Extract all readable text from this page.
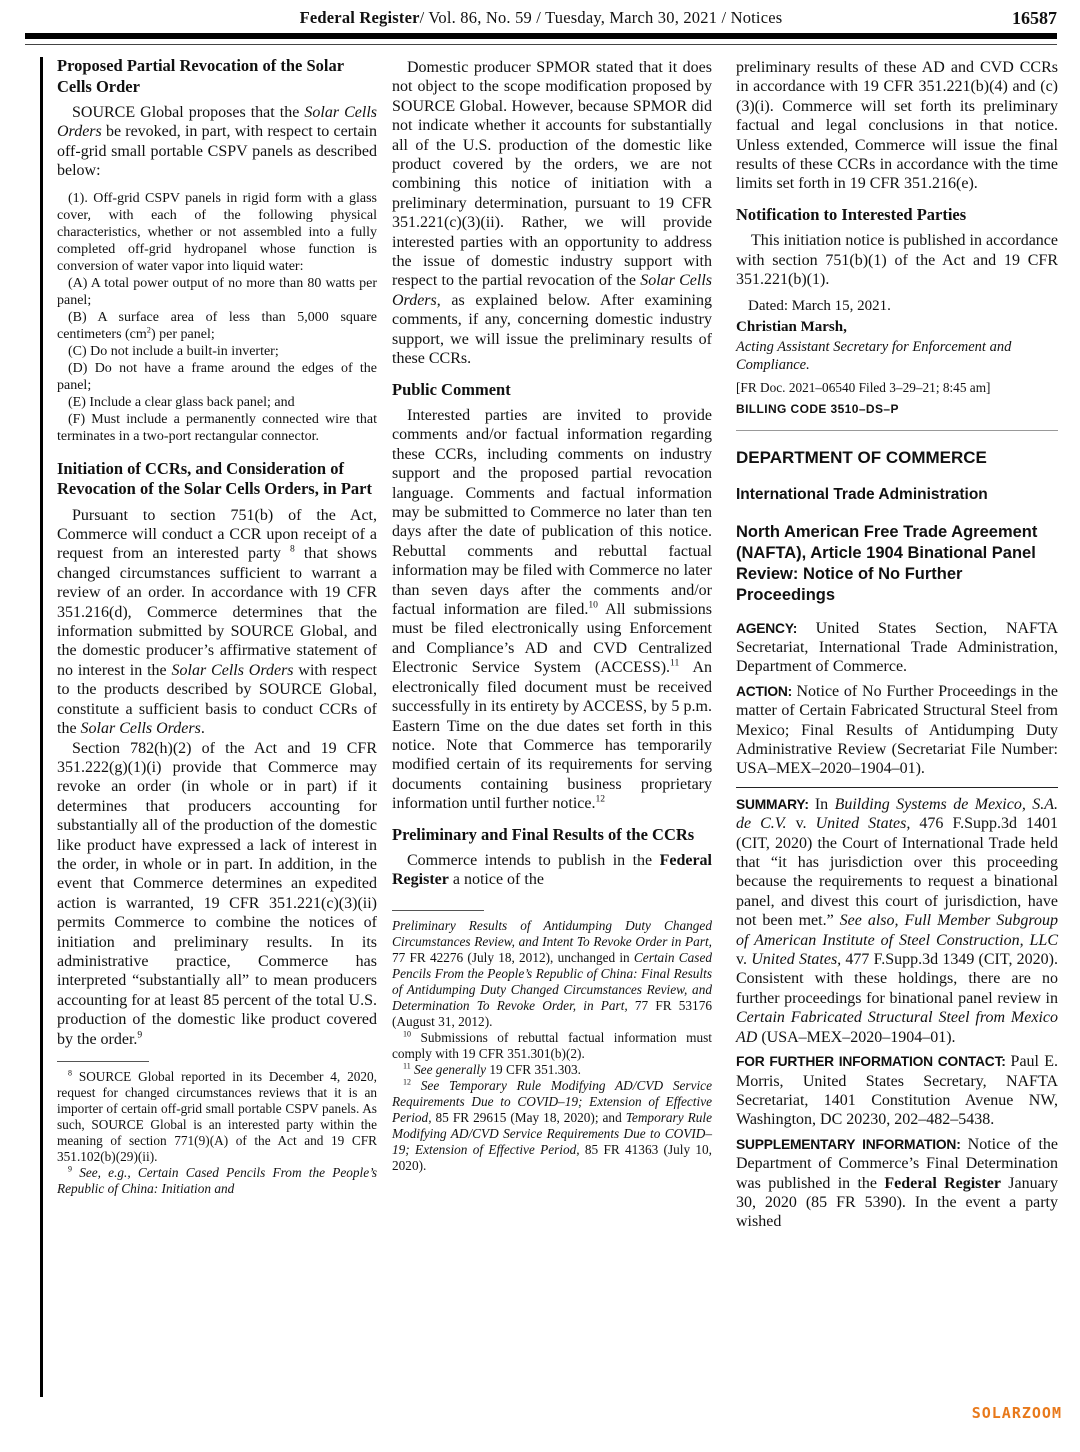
Federal Register/ Vol. 86, No. 59 / Tuesday, March 30, 2021 / Notices	16587
Proposed Partial Revocation of the Solar Cells Order

SOURCE Global proposes that the Solar Cells Orders be revoked, in part, with respect to certain off-grid small portable CSPV panels as described below:

(1). Off-grid CSPV panels in rigid form with a glass cover, with each of the following physical characteristics, whether or not assembled into a fully completed off-grid hydropanel whose function is conversion of water vapor into liquid water:

(A) A total power output of no more than 80 watts per panel;

(B) A surface area of less than 5,000 square centimeters $(cm^2)$ per panel;

(C) Do not include a built-in inverter;

(D) Do not have a frame around the edges of the panel;

(E) Include a clear glass back panel; and

(F) Must include a permanently connected wire that terminates in a two-port rectangular connector.

Initiation of CCRs, and Consideration of Revocation of the Solar Cells Orders, in Part

Pursuant to section 751(b) of the Act, Commerce will conduct a CCR upon receipt of a request from an interested party $^8$ that shows changed circumstances sufficient to warrant a review of an order. In accordance with 19 CFR 351.216(d), Commerce determines that the information submitted by SOURCE Global, and the domestic producer’s affirmative statement of no interest in the Solar Cells Orders with respect to the products described by SOURCE Global, constitute a sufficient basis to conduct CCRs of the Solar Cells Orders.

Section 782(h)(2) of the Act and 19 CFR 351.222(g)(1)(i) provide that Commerce may revoke an order (in whole or in part) if it determines that producers accounting for substantially all of the production of the domestic like product have expressed a lack of interest in the order, in whole or in part. In addition, in the event that Commerce determines an expedited action is warranted, 19 CFR 351.221(c)(3)(ii) permits Commerce to combine the notices of initiation and preliminary results. In its administrative practice, Commerce has interpreted “substantially all” to mean producers accounting for at least 85 percent of the total U.S. production of the domestic like product covered by the order.$^9$

$^8$ SOURCE Global reported in its December 4, 2020, request for changed circumstances reviews that it is an importer of certain off-grid small portable CSPV panels. As such, SOURCE Global is an interested party within the meaning of section 771(9)(A) of the Act and 19 CFR 351.102(b)(29)(ii).

$^9$ See, e.g., Certain Cased Pencils From the People’s Republic of China: Initiation and

Domestic producer SPMOR stated that it does not object to the scope modification proposed by SOURCE Global. However, because SPMOR did not indicate whether it accounts for substantially all of the U.S. production of the domestic like product covered by the orders, we are not combining this notice of initiation with a preliminary determination, pursuant to 19 CFR 351.221(c)(3)(ii). Rather, we will provide interested parties with an opportunity to address the issue of domestic industry support with respect to the partial revocation of the Solar Cells Orders, as explained below. After examining comments, if any, concerning domestic industry support, we will issue the preliminary results of these CCRs.

Public Comment

Interested parties are invited to provide comments and/or factual information regarding these CCRs, including comments on industry support and the proposed partial revocation language. Comments and factual information may be submitted to Commerce no later than ten days after the date of publication of this notice. Rebuttal comments and rebuttal factual information may be filed with Commerce no later than seven days after the comments and/or factual information are filed.$^{10}$ All submissions must be filed electronically using Enforcement and Compliance’s AD and CVD Centralized Electronic Service System (ACCESS).$^{11}$ An electronically filed document must be received successfully in its entirety by ACCESS, by 5 p.m. Eastern Time on the due dates set forth in this notice. Note that Commerce has temporarily modified certain of its requirements for serving documents containing business proprietary information until further notice.$^{12}$

Preliminary and Final Results of the CCRs

Commerce intends to publish in the Federal Register a notice of the

Preliminary Results of Antidumping Duty Changed Circumstances Review, and Intent To Revoke Order in Part, 77 FR 42276 (July 18, 2012), unchanged in Certain Cased Pencils From the People’s Republic of China: Final Results of Antidumping Duty Changed Circumstances Review, and Determination To Revoke Order, in Part, 77 FR 53176 (August 31, 2012).

$^{10}$ Submissions of rebuttal factual information must comply with 19 CFR 351.301(b)(2).

$^{11}$ See generally 19 CFR 351.303.

$^{12}$ See Temporary Rule Modifying AD/CVD Service Requirements Due to COVID–19; Extension of Effective Period, 85 FR 29615 (May 18, 2020); and Temporary Rule Modifying AD/CVD Service Requirements Due to COVID–19; Extension of Effective Period, 85 FR 41363 (July 10, 2020).

preliminary results of these AD and CVD CCRs in accordance with 19 CFR 351.221(b)(4) and (c)(3)(i). Commerce will set forth its preliminary factual and legal conclusions in that notice. Unless extended, Commerce will issue the final results of these CCRs in accordance with the time limits set forth in 19 CFR 351.216(e).

Notification to Interested Parties

This initiation notice is published in accordance with section 751(b)(1) of the Act and 19 CFR 351.221(b)(1).

Dated: March 15, 2021.

Christian Marsh,

Acting Assistant Secretary for Enforcement and Compliance.

[FR Doc. 2021–06540 Filed 3–29–21; 8:45 am]

BILLING CODE 3510–DS–P

DEPARTMENT OF COMMERCE
International Trade Administration
North American Free Trade Agreement (NAFTA), Article 1904 Binational Panel Review: Notice of No Further Proceedings

AGENCY: United States Section, NAFTA Secretariat, International Trade Administration, Department of Commerce.

ACTION: Notice of No Further Proceedings in the matter of Certain Fabricated Structural Steel from Mexico; Final Results of Antidumping Duty Administrative Review (Secretariat File Number: USA–MEX–2020–1904–01).

SUMMARY: In Building Systems de Mexico, S.A. de C.V. v. United States, 476 F.Supp.3d 1401 (CIT, 2020) the Court of International Trade held that “it has jurisdiction over this proceeding because the requirements to request a binational panel, and divest this court of jurisdiction, have not been met.” See also, Full Member Subgroup of American Institute of Steel Construction, LLC v. United States, 477 F.Supp.3d 1349 (CIT, 2020). Consistent with these holdings, there are no further proceedings for binational panel review in Certain Fabricated Structural Steel from Mexico AD (USA–MEX–2020–1904–01).

FOR FURTHER INFORMATION CONTACT: Paul E. Morris, United States Secretary, NAFTA Secretariat, 1401 Constitution Avenue NW, Washington, DC 20230, 202–482–5438.

SUPPLEMENTARY INFORMATION: Notice of the Department of Commerce’s Final Determination was published in the Federal Register January 30, 2020 (85 FR 5390). In the event a party wished

SOLARZOOM
